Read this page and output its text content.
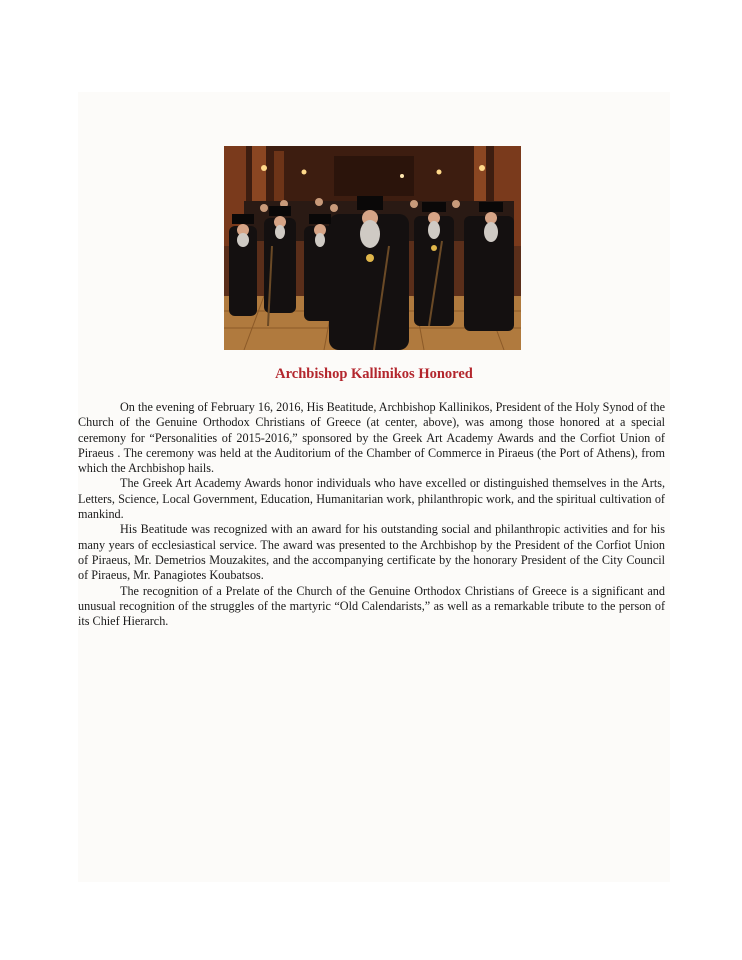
Archbishop Kallinikos Honored

On the evening of February 16, 2016, His Beatitude, Archbishop Kallinikos, President of the Holy Synod of the Church of the Genuine Orthodox Christians of Greece (at center, above), was among those honored at a special ceremony for “Personalities of 2015-2016,” sponsored by the Greek Art Academy Awards and the Corfiot Union of Piraeus . The ceremony was held at the Auditorium of the Chamber of Commerce in Piraeus (the Port of Athens), from which the Archbishop hails.

The Greek Art Academy Awards honor individuals who have excelled or distinguished themselves in the Arts, Letters, Science, Local Government, Education, Humanitarian work, philanthropic work, and the spiritual cultivation of mankind.

His Beatitude was recognized with an award for his outstanding social and philanthropic activities and for his many years of ecclesiastical service. The award was presented to the Archbishop by the President of the Corfiot Union of Piraeus, Mr. Demetrios Mouzakites, and the accompanying certificate by the honorary President of the City Council of Piraeus, Mr. Panagiotes Koubatsos.

The recognition of a Prelate of the Church of the Genuine Orthodox Christians of Greece is a significant and unusual recognition of the struggles of the martyric “Old Calendarists,” as well as a remarkable tribute to the person of its Chief Hierarch.
